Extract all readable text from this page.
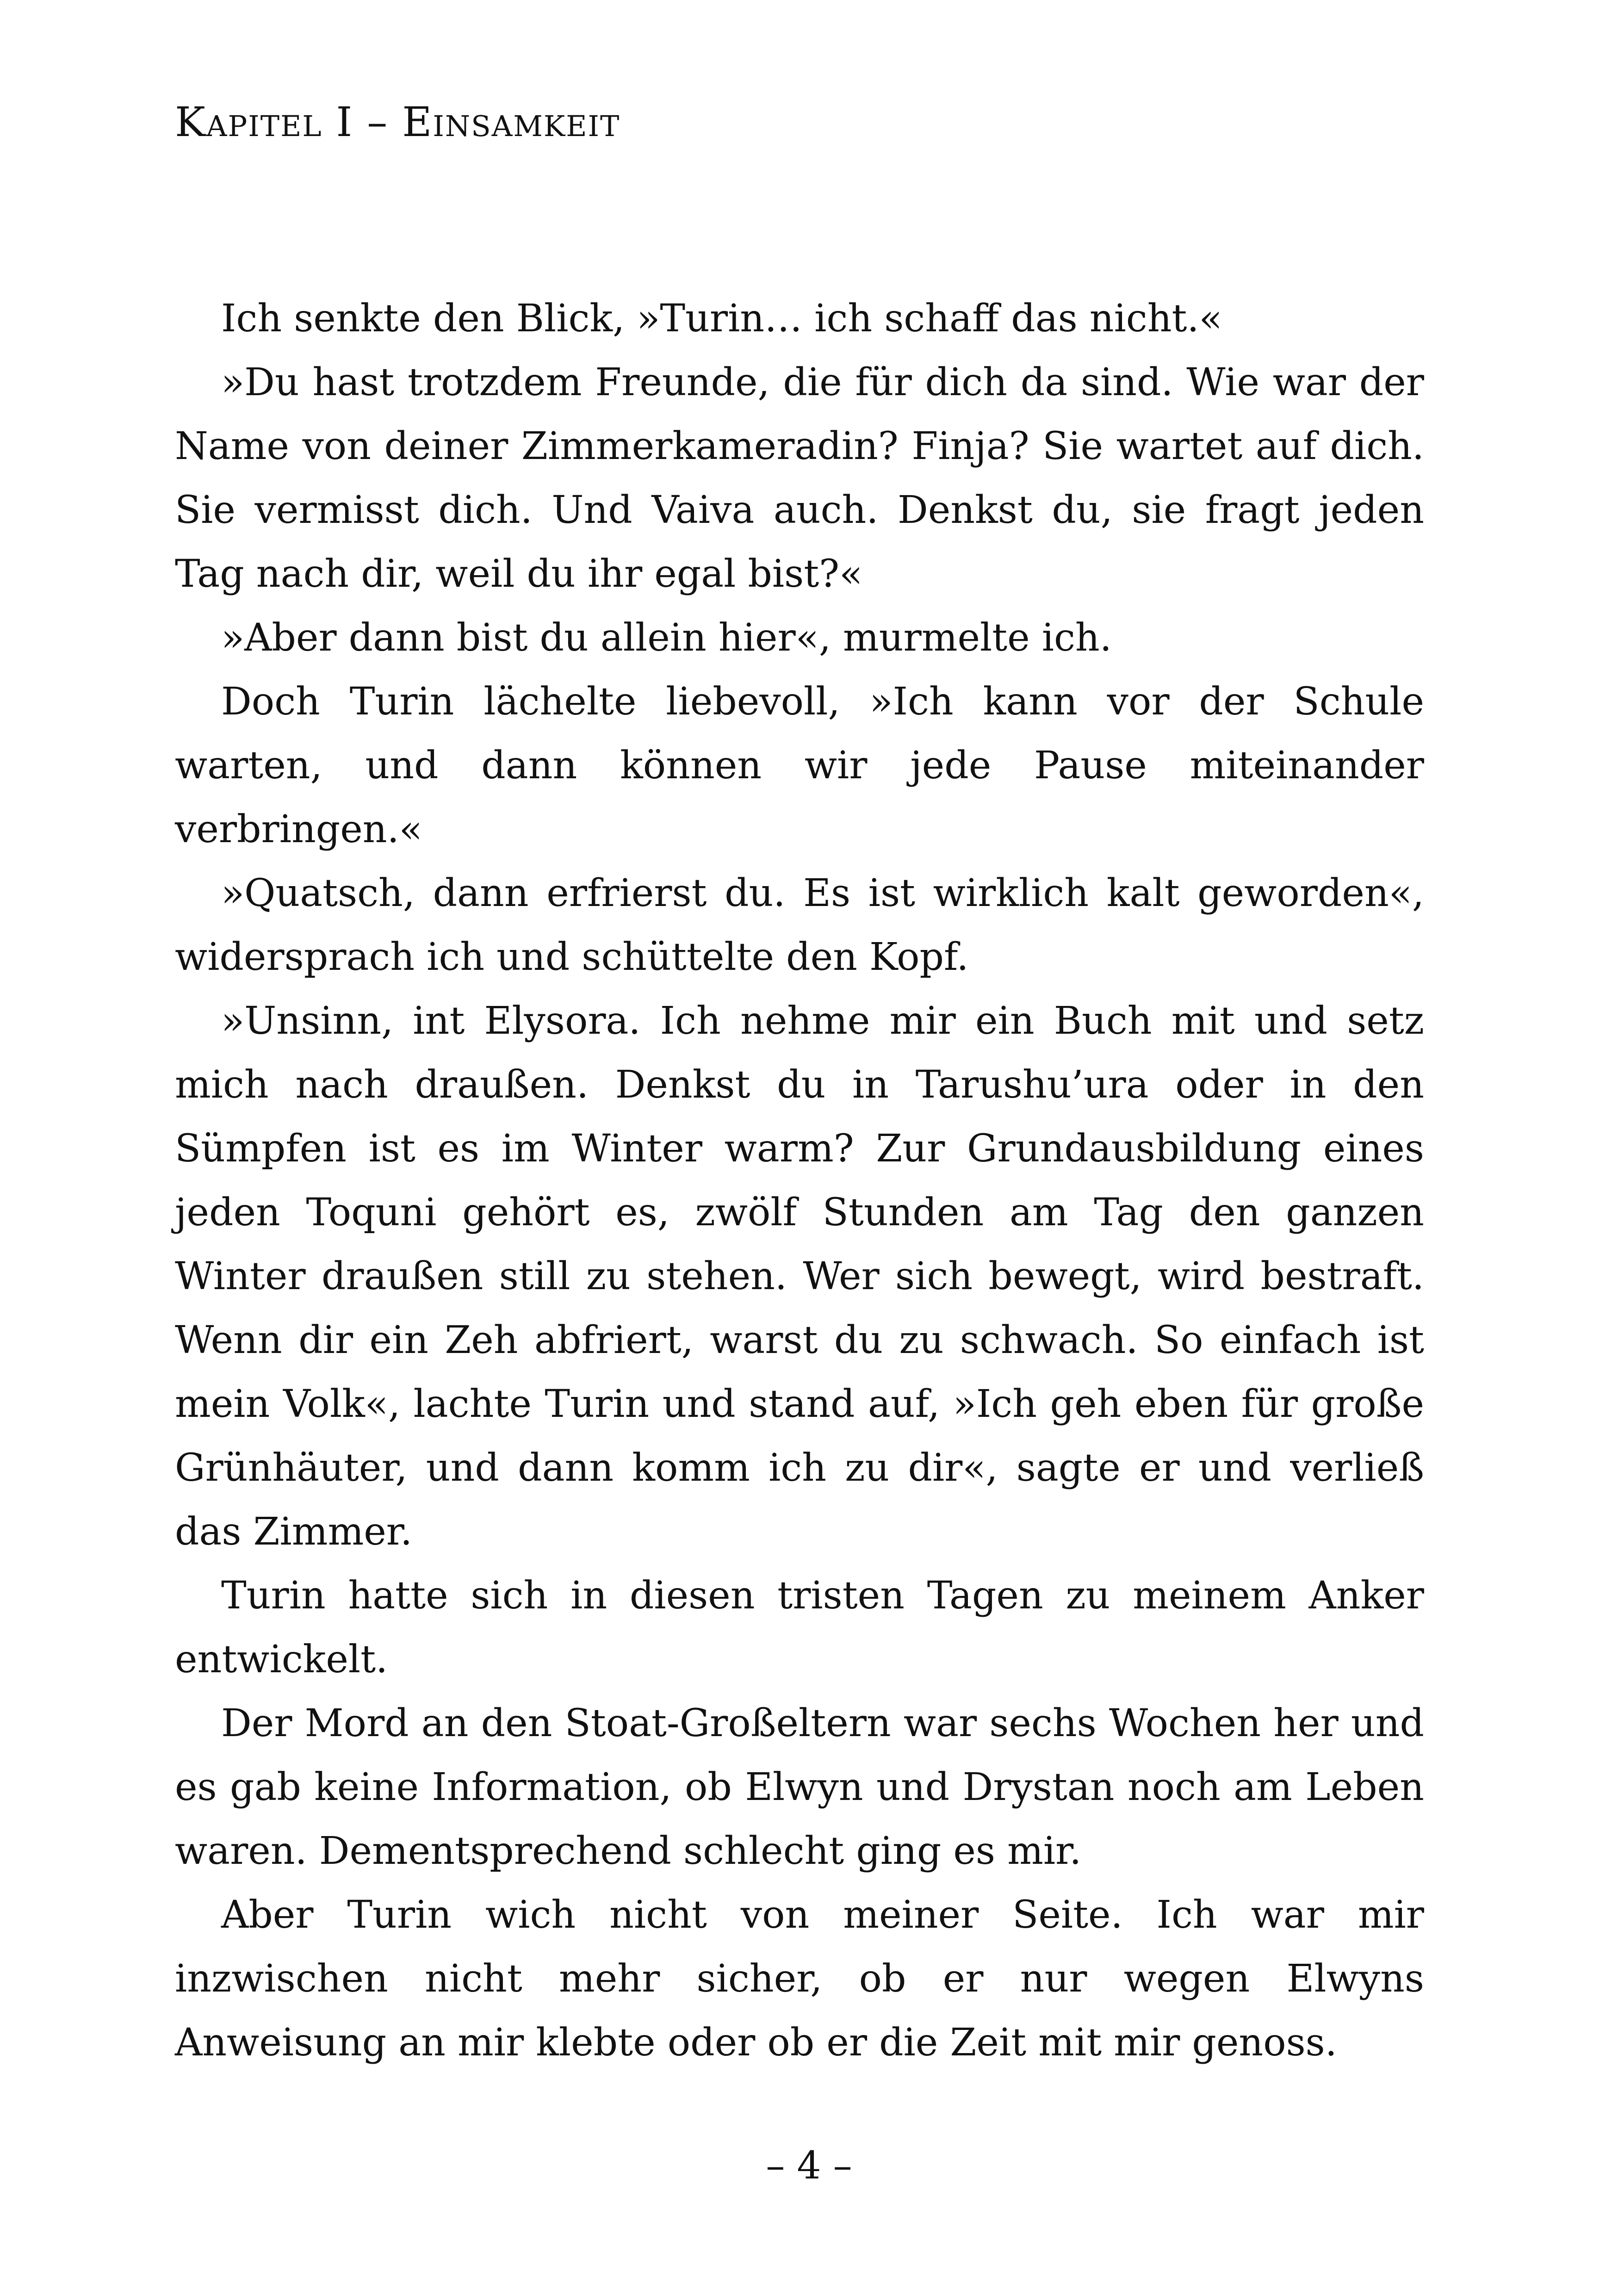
Kapitel I – Einsamkeit

Ich senkte den Blick, »Turin… ich schaff das nicht.«

»Du hast trotzdem Freunde, die für dich da sind. Wie war der Name von deiner Zimmerkameradin? Finja? Sie wartet auf dich. Sie vermisst dich. Und Vaiva auch. Denkst du, sie fragt jeden Tag nach dir, weil du ihr egal bist?«

»Aber dann bist du allein hier«, murmelte ich.

Doch Turin lächelte liebevoll, »Ich kann vor der Schule warten, und dann können wir jede Pause miteinander verbringen.«

»Quatsch, dann erfrierst du. Es ist wirklich kalt geworden«, widersprach ich und schüttelte den Kopf.

»Unsinn, int Elysora. Ich nehme mir ein Buch mit und setz mich nach draußen. Denkst du in Tarushu’ura oder in den Sümpfen ist es im Winter warm? Zur Grundausbildung eines jeden Toquni gehört es, zwölf Stunden am Tag den ganzen Winter draußen still zu stehen. Wer sich bewegt, wird bestraft. Wenn dir ein Zeh abfriert, warst du zu schwach. So einfach ist mein Volk«, lachte Turin und stand auf, »Ich geh eben für große Grünhäuter, und dann komm ich zu dir«, sagte er und verließ das Zimmer.

Turin hatte sich in diesen tristen Tagen zu meinem Anker entwickelt.

Der Mord an den Stoat-Großeltern war sechs Wochen her und es gab keine Information, ob Elwyn und Drystan noch am Leben waren. Dementsprechend schlecht ging es mir.

Aber Turin wich nicht von meiner Seite. Ich war mir inzwischen nicht mehr sicher, ob er nur wegen Elwyns Anweisung an mir klebte oder ob er die Zeit mit mir genoss.

– 4 –
